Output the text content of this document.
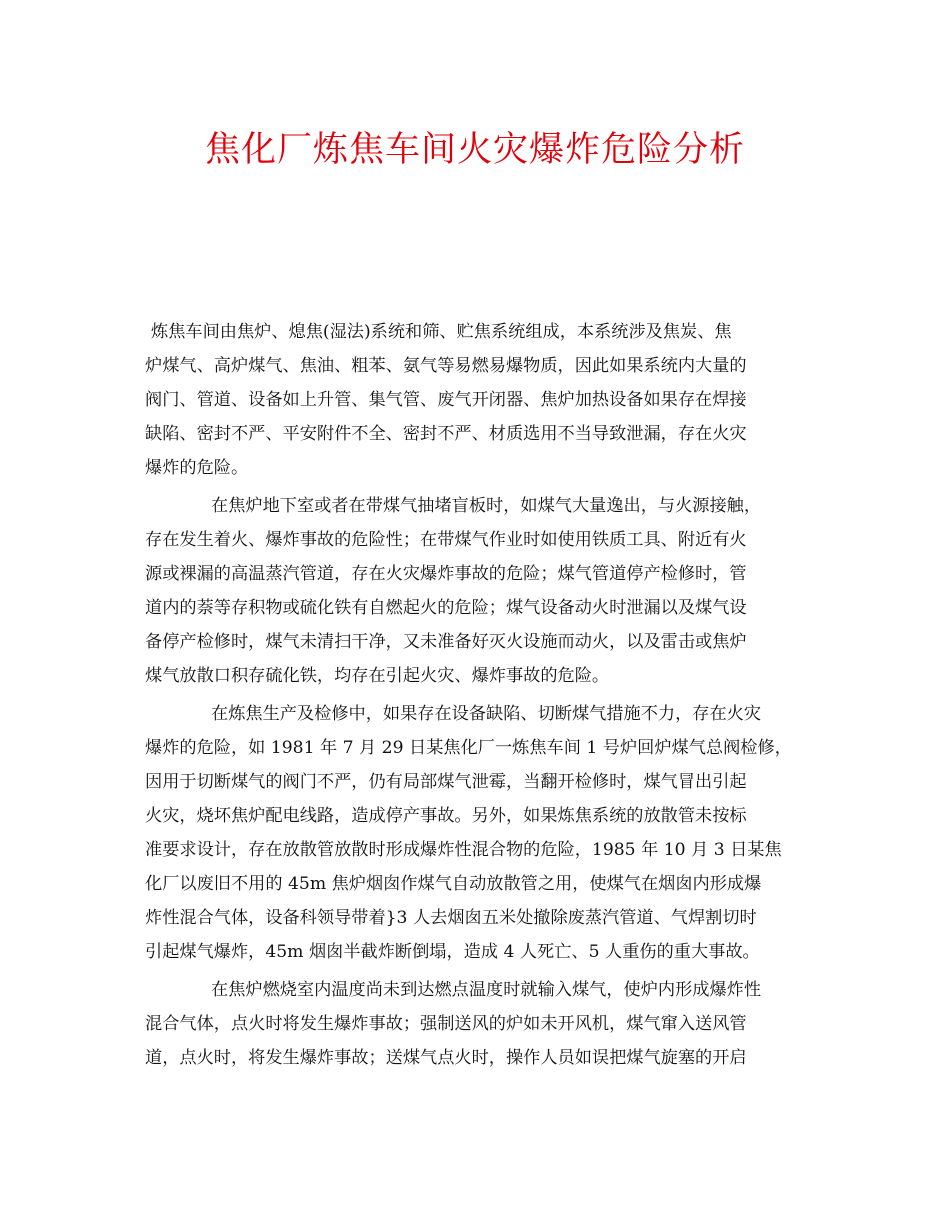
焦化厂炼焦车间火灾爆炸危险分析
炼焦车间由焦炉、熄焦(湿法)系统和筛、贮焦系统组成，本系统涉及焦炭、焦
炉煤气、高炉煤气、焦油、粗苯、氨气等易燃易爆物质，因此如果系统内大量的
阀门、管道、设备如上升管、集气管、废气开闭器、焦炉加热设备如果存在焊接
缺陷、密封不严、平安附件不全、密封不严、材质选用不当导致泄漏，存在火灾
爆炸的危险。
在焦炉地下室或者在带煤气抽堵盲板时，如煤气大量逸出，与火源接触，
存在发生着火、爆炸事故的危险性；在带煤气作业时如使用铁质工具、附近有火
源或裸漏的高温蒸汽管道，存在火灾爆炸事故的危险；煤气管道停产检修时，管
道内的萘等存积物或硫化铁有自燃起火的危险；煤气设备动火时泄漏以及煤气设
备停产检修时，煤气未清扫干净，又未准备好灭火设施而动火，以及雷击或焦炉
煤气放散口积存硫化铁，均存在引起火灾、爆炸事故的危险。
在炼焦生产及检修中，如果存在设备缺陷、切断煤气措施不力，存在火灾
爆炸的危险，如 1981 年 7 月 29 日某焦化厂一炼焦车间 1 号炉回炉煤气总阀检修，
因用于切断煤气的阀门不严，仍有局部煤气泄霉，当翻开检修时，煤气冒出引起
火灾，烧坏焦炉配电线路，造成停产事故。另外，如果炼焦系统的放散管未按标
准要求设计，存在放散管放散时形成爆炸性混合物的危险，1985 年 10 月 3 日某焦
化厂以废旧不用的 45m 焦炉烟囱作煤气自动放散管之用，使煤气在烟囱内形成爆
炸性混合气体，设备科领导带着}3 人去烟囱五米处撤除废蒸汽管道、气焊割切时
引起煤气爆炸，45m 烟囱半截炸断倒塌，造成 4 人死亡、5 人重伤的重大事故。
在焦炉燃烧室内温度尚未到达燃点温度时就输入煤气，使炉内形成爆炸性
混合气体，点火时将发生爆炸事故；强制送风的炉如未开风机，煤气窜入送风管
道，点火时，将发生爆炸事故；送煤气点火时，操作人员如误把煤气旋塞的开启
